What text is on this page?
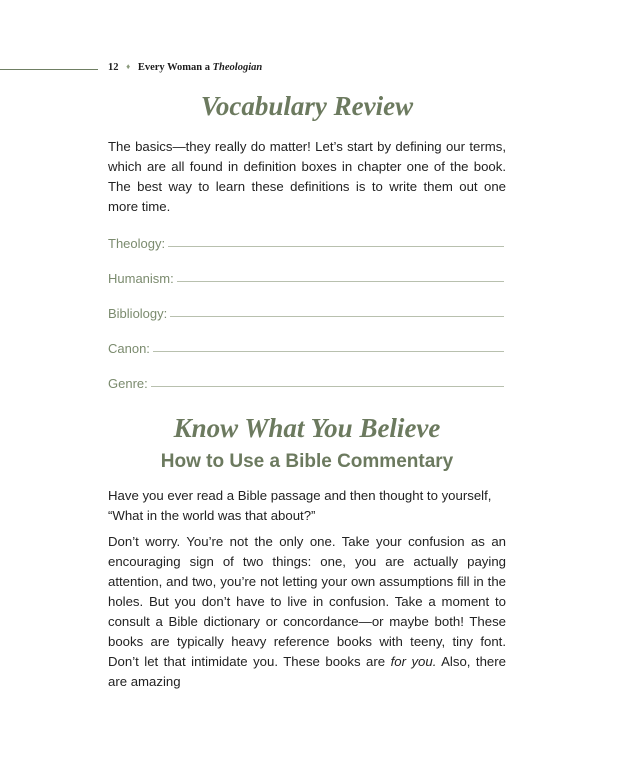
12 ♦ Every Woman a Theologian
Vocabulary Review

The basics—they really do matter! Let’s start by defining our terms, which are all found in definition boxes in chapter one of the book. The best way to learn these definitions is to write them out one more time.

Theology:
Humanism:
Bibliology:
Canon:
Genre:
Know What You Believe
How to Use a Bible Commentary

Have you ever read a Bible passage and then thought to yourself, “What in the world was that about?”

Don’t worry. You’re not the only one. Take your confusion as an encouraging sign of two things: one, you are actually paying attention, and two, you’re not letting your own assumptions fill in the holes. But you don’t have to live in confusion. Take a moment to consult a Bible dictionary or concordance—or maybe both! These books are typically heavy reference books with teeny, tiny font. Don’t let that intimidate you. These books are for you. Also, there are amazing
